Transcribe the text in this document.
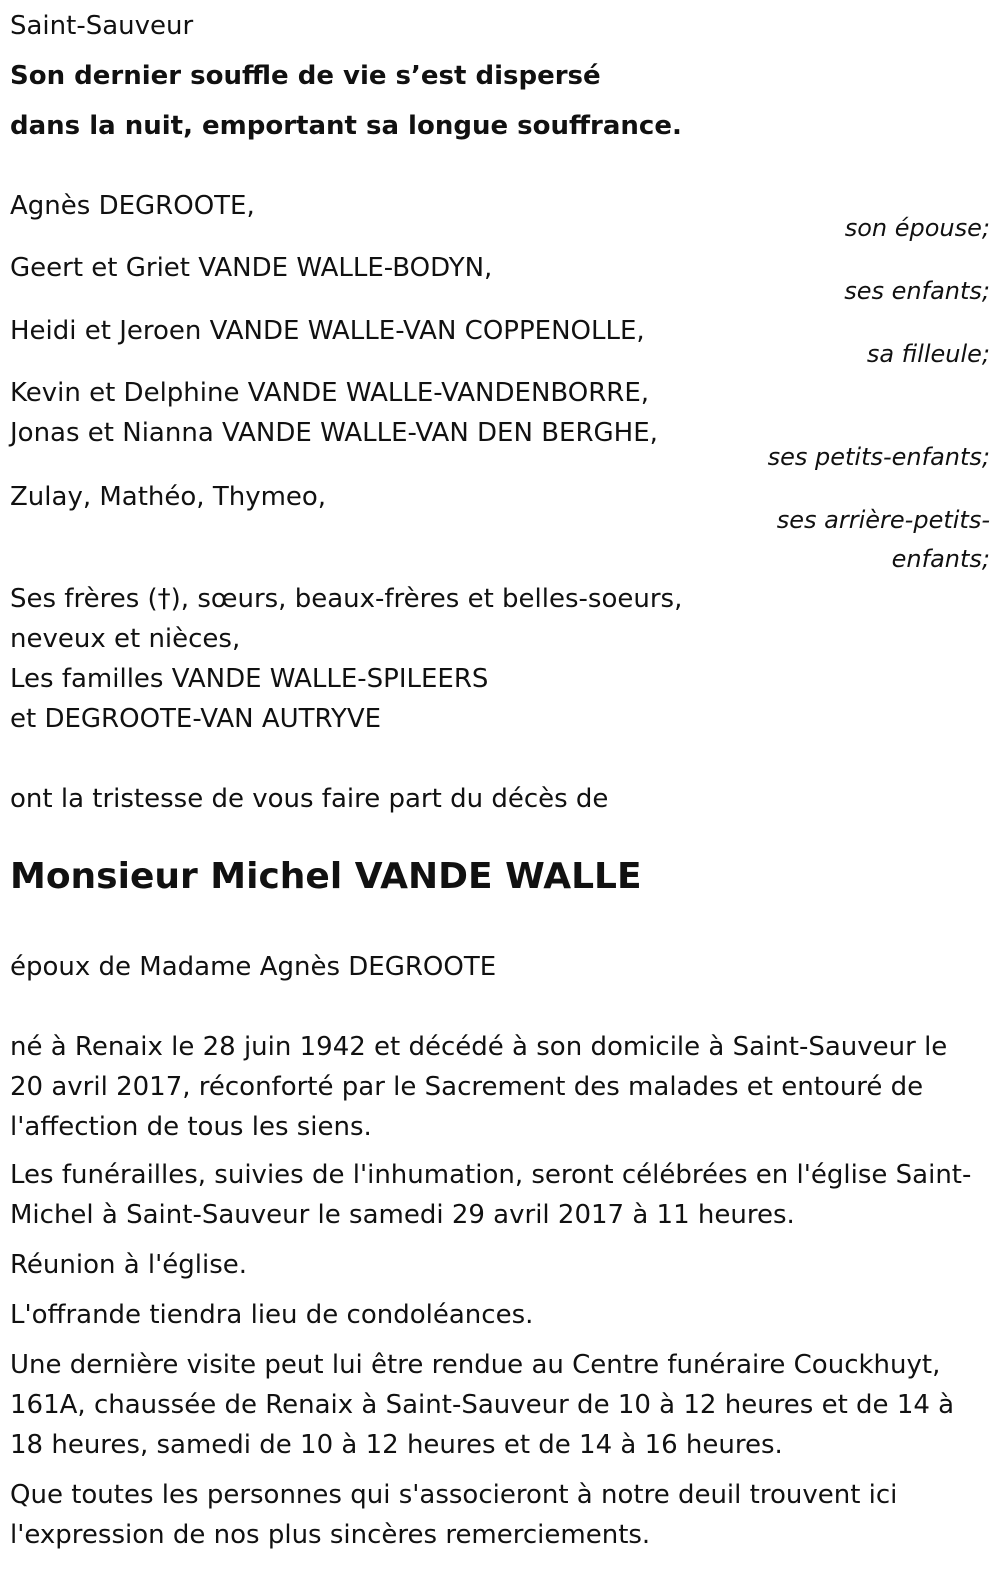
Saint-Sauveur
Son dernier souffle de vie s’est dispersé
dans la nuit, emportant sa longue souffrance.
Agnès DEGROOTE,
son épouse;
Geert et Griet VANDE WALLE-BODYN,
ses enfants;
Heidi et Jeroen VANDE WALLE-VAN COPPENOLLE,
sa filleule;
Kevin et Delphine VANDE WALLE-VANDENBORRE,
Jonas et Nianna VANDE WALLE-VAN DEN BERGHE,
ses petits-enfants;
Zulay, Mathéo, Thymeo,
ses arrière-petits-
enfants;
Ses frères (†), sœurs, beaux-frères et belles-soeurs,
neveux et nièces,
Les familles VANDE WALLE-SPILEERS
et DEGROOTE-VAN AUTRYVE
ont la tristesse de vous faire part du décès de
Monsieur Michel VANDE WALLE
époux de Madame Agnès DEGROOTE
né à Renaix le 28 juin 1942 et décédé à son domicile à Saint-Sauveur le 20 avril 2017, réconforté par le Sacrement des malades et entouré de l'affection de tous les siens.
Les funérailles, suivies de l'inhumation, seront célébrées en l'église Saint-Michel à Saint-Sauveur le samedi 29 avril 2017 à 11 heures.
Réunion à l'église.
L'offrande tiendra lieu de condoléances.
Une dernière visite peut lui être rendue au Centre funéraire Couckhuyt, 161A, chaussée de Renaix à Saint-Sauveur de 10 à 12 heures et de 14 à 18 heures, samedi de 10 à 12 heures et de 14 à 16 heures.
Que toutes les personnes qui s'associeront à notre deuil trouvent ici l'expression de nos plus sincères remerciements.
